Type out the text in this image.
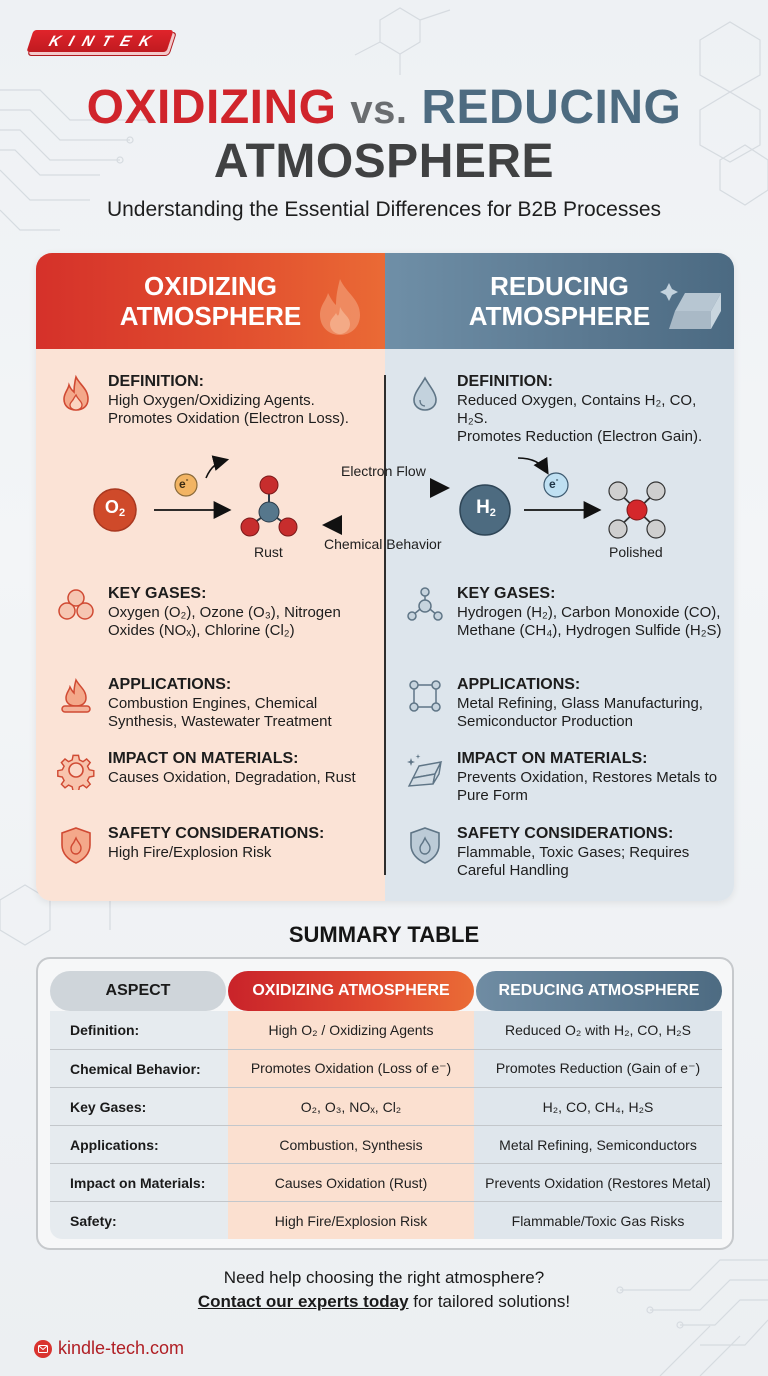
KINTEK
OXIDIZING vs. REDUCING
ATMOSPHERE
Understanding the Essential Differences for B2B Processes
OXIDIZING
ATMOSPHERE
DEFINITION:
High Oxygen/Oxidizing Agents.
Promotes Oxidation (Electron Loss).
KEY GASES:
Oxygen (O₂), Ozone (O₃), Nitrogen Oxides (NOₓ), Chlorine (Cl₂)
APPLICATIONS:
Combustion Engines, Chemical Synthesis, Wastewater Treatment
IMPACT ON MATERIALS:
Causes Oxidation, Degradation, Rust
SAFETY CONSIDERATIONS:
High Fire/Explosion Risk
REDUCING
ATMOSPHERE
DEFINITION:
Reduced Oxygen, Contains H₂, CO, H₂S.
Promotes Reduction (Electron Gain).
KEY GASES:
Hydrogen (H₂), Carbon Monoxide (CO), Methane (CH₄), Hydrogen Sulfide (H₂S)
APPLICATIONS:
Metal Refining, Glass Manufacturing, Semiconductor Production
IMPACT ON MATERIALS:
Prevents Oxidation, Restores Metals to Pure Form
SAFETY CONSIDERATIONS:
Flammable, Toxic Gases; Requires Careful Handling
$O_2$	$H_2$
e-	e-
Rust	Polished
Electron Flow
Chemical Behavior
SUMMARY TABLE
ASPECT	OXIDIZING ATMOSPHERE	REDUCING ATMOSPHERE
Definition:	High O₂ / Oxidizing Agents	Reduced O₂ with H₂, CO, H₂S
Chemical Behavior:	Promotes Oxidation (Loss of e⁻)	Promotes Reduction (Gain of e⁻)
Key Gases:	O₂, O₃, NOₓ, Cl₂	H₂, CO, CH₄, H₂S
Applications:	Combustion, Synthesis	Metal Refining, Semiconductors
Impact on Materials:	Causes Oxidation (Rust)	Prevents Oxidation (Restores Metal)
Safety:	High Fire/Explosion Risk	Flammable/Toxic Gas Risks
Need help choosing the right atmosphere?
Contact our experts today for tailored solutions!
kindle-tech.com
